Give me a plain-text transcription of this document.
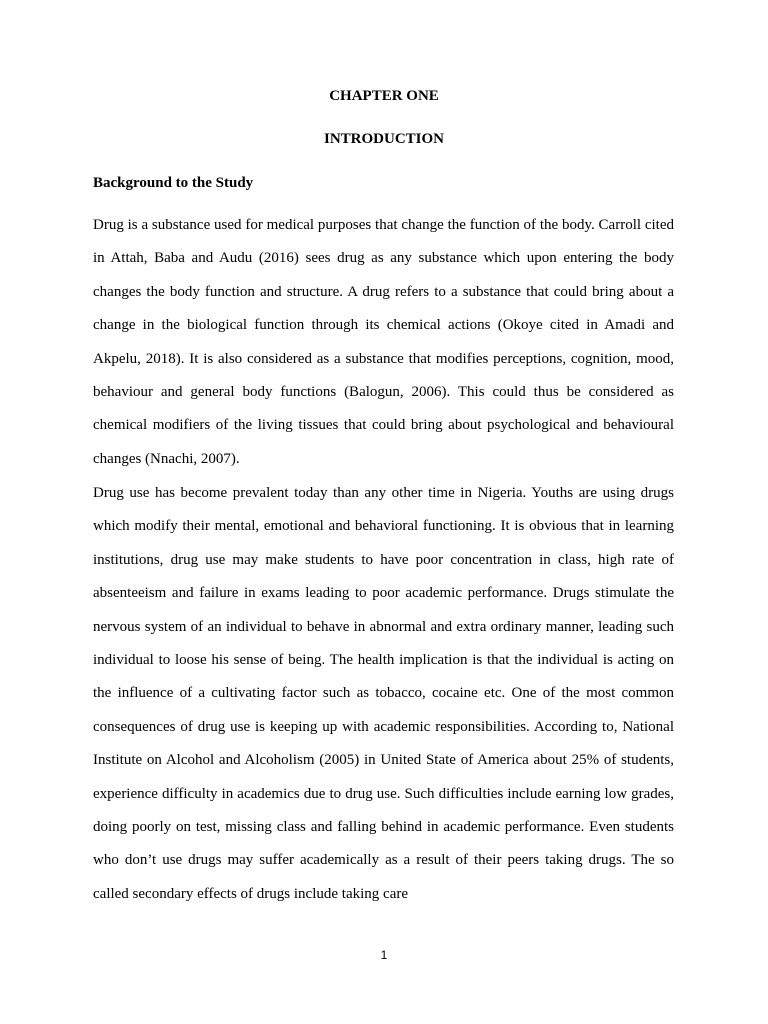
CHAPTER ONE
INTRODUCTION
Background to the Study

Drug is a substance used for medical purposes that change the function of the body. Carroll cited in Attah, Baba and Audu (2016) sees drug as any substance which upon entering the body changes the body function and structure. A drug refers to a substance that could bring about a change in the biological function through its chemical actions (Okoye cited in Amadi and Akpelu, 2018). It is also considered as a substance that modifies perceptions, cognition, mood, behaviour and general body functions (Balogun, 2006). This could thus be considered as chemical modifiers of the living tissues that could bring about psychological and behavioural changes (Nnachi, 2007).

Drug use has become prevalent today than any other time in Nigeria. Youths are using drugs which modify their mental, emotional and behavioral functioning. It is obvious that in learning institutions, drug use may make students to have poor concentration in class, high rate of absenteeism and failure in exams leading to poor academic performance. Drugs stimulate the nervous system of an individual to behave in abnormal and extra ordinary manner, leading such individual to loose his sense of being. The health implication is that the individual is acting on the influence of a cultivating factor such as tobacco, cocaine etc. One of the most common consequences of drug use is keeping up with academic responsibilities. According to, National Institute on Alcohol and Alcoholism (2005) in United State of America about 25% of students, experience difficulty in academics due to drug use. Such difficulties include earning low grades, doing poorly on test, missing class and falling behind in academic performance. Even students who don’t use drugs may suffer academically as a result of their peers taking drugs. The so called secondary effects of drugs include taking care

1
